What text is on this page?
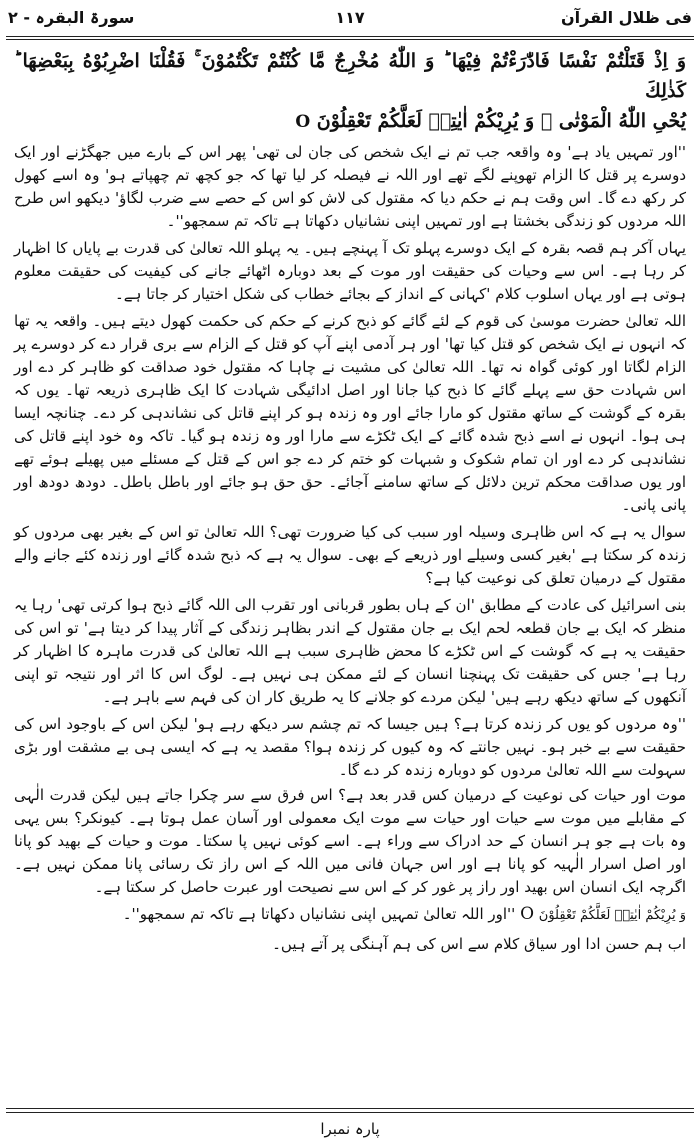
فی ظلال القرآن
۱۱۷
سورۃ البقرہ - ۲
وَ اِذْ قَتَلْتُمْ نَفْسًا فَادّٰرَءْتُمْ فِیْهَا ؕ وَ اللّٰهُ مُخْرِجٌ مَّا كُنْتُمْ تَكْتُمُوْنَ ۚ فَقُلْنَا اضْرِبُوْهُ بِبَعْضِهَا ؕ كَذٰلِكَ
یُحْیِ اللّٰهُ الْمَوْتٰى ۙ وَ یُرِیْكُمْ اٰیٰتِهٖ لَعَلَّكُمْ تَعْقِلُوْنَ O

''اور تمہیں یاد ہے' وہ واقعہ جب تم نے ایک شخص کی جان لی تھی' پھر اس کے بارے میں جھگڑنے اور ایک دوسرے پر قتل کا الزام تھوپنے لگے تھے اور اللہ نے فیصلہ کر لیا تھا کہ جو کچھ تم چھپاتے ہو' وہ اسے کھول کر رکھ دے گا۔ اس وقت ہم نے حکم دیا کہ مقتول کی لاش کو اس کے حصے سے ضرب لگاؤ' دیکھو اس طرح اللہ مردوں کو زندگی بخشتا ہے اور تمہیں اپنی نشانیاں دکھاتا ہے تاکہ تم سمجھو''۔

یہاں آکر ہم قصہ بقرہ کے ایک دوسرے پہلو تک آ پہنچے ہیں۔ یہ پہلو اللہ تعالیٰ کی قدرت بے پایاں کا اظہار کر رہا ہے۔ اس سے وحیات کی حقیقت اور موت کے بعد دوبارہ اٹھائے جانے کی کیفیت کی حقیقت معلوم ہوتی ہے اور یہاں اسلوب کلام 'کہانی کے انداز کے بجائے خطاب کی شکل اختیار کر جاتا ہے۔

اللہ تعالیٰ حضرت موسیٰ کی قوم کے لئے گائے کو ذبح کرنے کے حکم کی حکمت کھول دیتے ہیں۔ واقعہ یہ تھا کہ انہوں نے ایک شخص کو قتل کیا تھا' اور ہر آدمی اپنے آپ کو قتل کے الزام سے بری قرار دے کر دوسرے پر الزام لگاتا اور کوئی گواہ نہ تھا۔ اللہ تعالیٰ کی مشیت نے چاہا کہ مقتول خود صداقت کو ظاہر کر دے اور اس شہادت حق سے پہلے گائے کا ذبح کیا جانا اور اصل ادائیگی شہادت کا ایک ظاہری ذریعہ تھا۔ یوں کہ بقرہ کے گوشت کے ساتھ مقتول کو مارا جائے اور وہ زندہ ہو کر اپنے قاتل کی نشاندہی کر دے۔ چنانچہ ایسا ہی ہوا۔ انہوں نے اسے ذبح شدہ گائے کے ایک ٹکڑے سے مارا اور وہ زندہ ہو گیا۔ تاکہ وہ خود اپنے قاتل کی نشاندہی کر دے اور ان تمام شکوک و شبہات کو ختم کر دے جو اس کے قتل کے مسئلے میں پھیلے ہوئے تھے اور یوں صداقت محکم ترین دلائل کے ساتھ سامنے آجائے۔ حق حق ہو جائے اور باطل باطل۔ دودھ دودھ اور پانی پانی۔

سوال یہ ہے کہ اس ظاہری وسیلہ اور سبب کی کیا ضرورت تھی؟ اللہ تعالیٰ تو اس کے بغیر بھی مردوں کو زندہ کر سکتا ہے 'بغیر کسی وسیلے اور ذریعے کے بھی۔ سوال یہ ہے کہ ذبح شدہ گائے اور زندہ کئے جانے والے مقتول کے درمیان تعلق کی نوعیت کیا ہے؟

بنی اسرائیل کی عادت کے مطابق 'ان کے ہاں بطور قربانی اور تقرب الی اللہ گائے ذبح ہوا کرتی تھی' رہا یہ منظر کہ ایک بے جان قطعہ لحم ایک بے جان مقتول کے اندر بظاہر زندگی کے آثار پیدا کر دیتا ہے' تو اس کی حقیقت یہ ہے کہ گوشت کے اس ٹکڑے کا محض ظاہری سبب ہے اللہ تعالیٰ کی قدرت ماہرہ کا اظہار کر رہا ہے' جس کی حقیقت تک پہنچنا انسان کے لئے ممکن ہی نہیں ہے۔ لوگ اس کا اثر اور نتیجہ تو اپنی آنکھوں کے ساتھ دیکھ رہے ہیں' لیکن مردے کو جلانے کا یہ طریق کار ان کی فہم سے باہر ہے۔

''وہ مردوں کو یوں کر زندہ کرتا ہے؟ ہیں جیسا کہ تم چشم سر دیکھ رہے ہو' لیکن اس کے باوجود اس کی حقیقت سے بے خبر ہو۔ نہیں جانتے کہ وہ کیوں کر زندہ ہوا؟ مقصد یہ ہے کہ ایسی ہی بے مشقت اور بڑی سہولت سے اللہ تعالیٰ مردوں کو دوبارہ زندہ کر دے گا۔

موت اور حیات کی نوعیت کے درمیان کس قدر بعد ہے؟ اس فرق سے سر چکرا جاتے ہیں لیکن قدرت الٰہی کے مقابلے میں موت سے حیات اور حیات سے موت ایک معمولی اور آسان عمل ہوتا ہے۔ کیونکر؟ بس یہی وہ بات ہے جو ہر انسان کے حد ادراک سے وراء ہے۔ اسے کوئی نہیں پا سکتا۔ موت و حیات کے بھید کو پانا اور اصل اسرار الٰہیہ کو پانا ہے اور اس جہان فانی میں اللہ کے اس راز تک رسائی پانا ممکن نہیں ہے۔ اگرچہ ایک انسان اس بھید اور راز پر غور کر کے اس سے نصیحت اور عبرت حاصل کر سکتا ہے۔

وَ یُرِیْكُمْ اٰیٰتِهٖ لَعَلَّكُمْ تَعْقِلُوْنَ O ''اور اللہ تعالیٰ تمہیں اپنی نشانیاں دکھاتا ہے تاکہ تم سمجھو''۔

اب ہم حسن ادا اور سیاق کلام سے اس کی ہم آہنگی پر آتے ہیں۔

پارہ نمبرا
